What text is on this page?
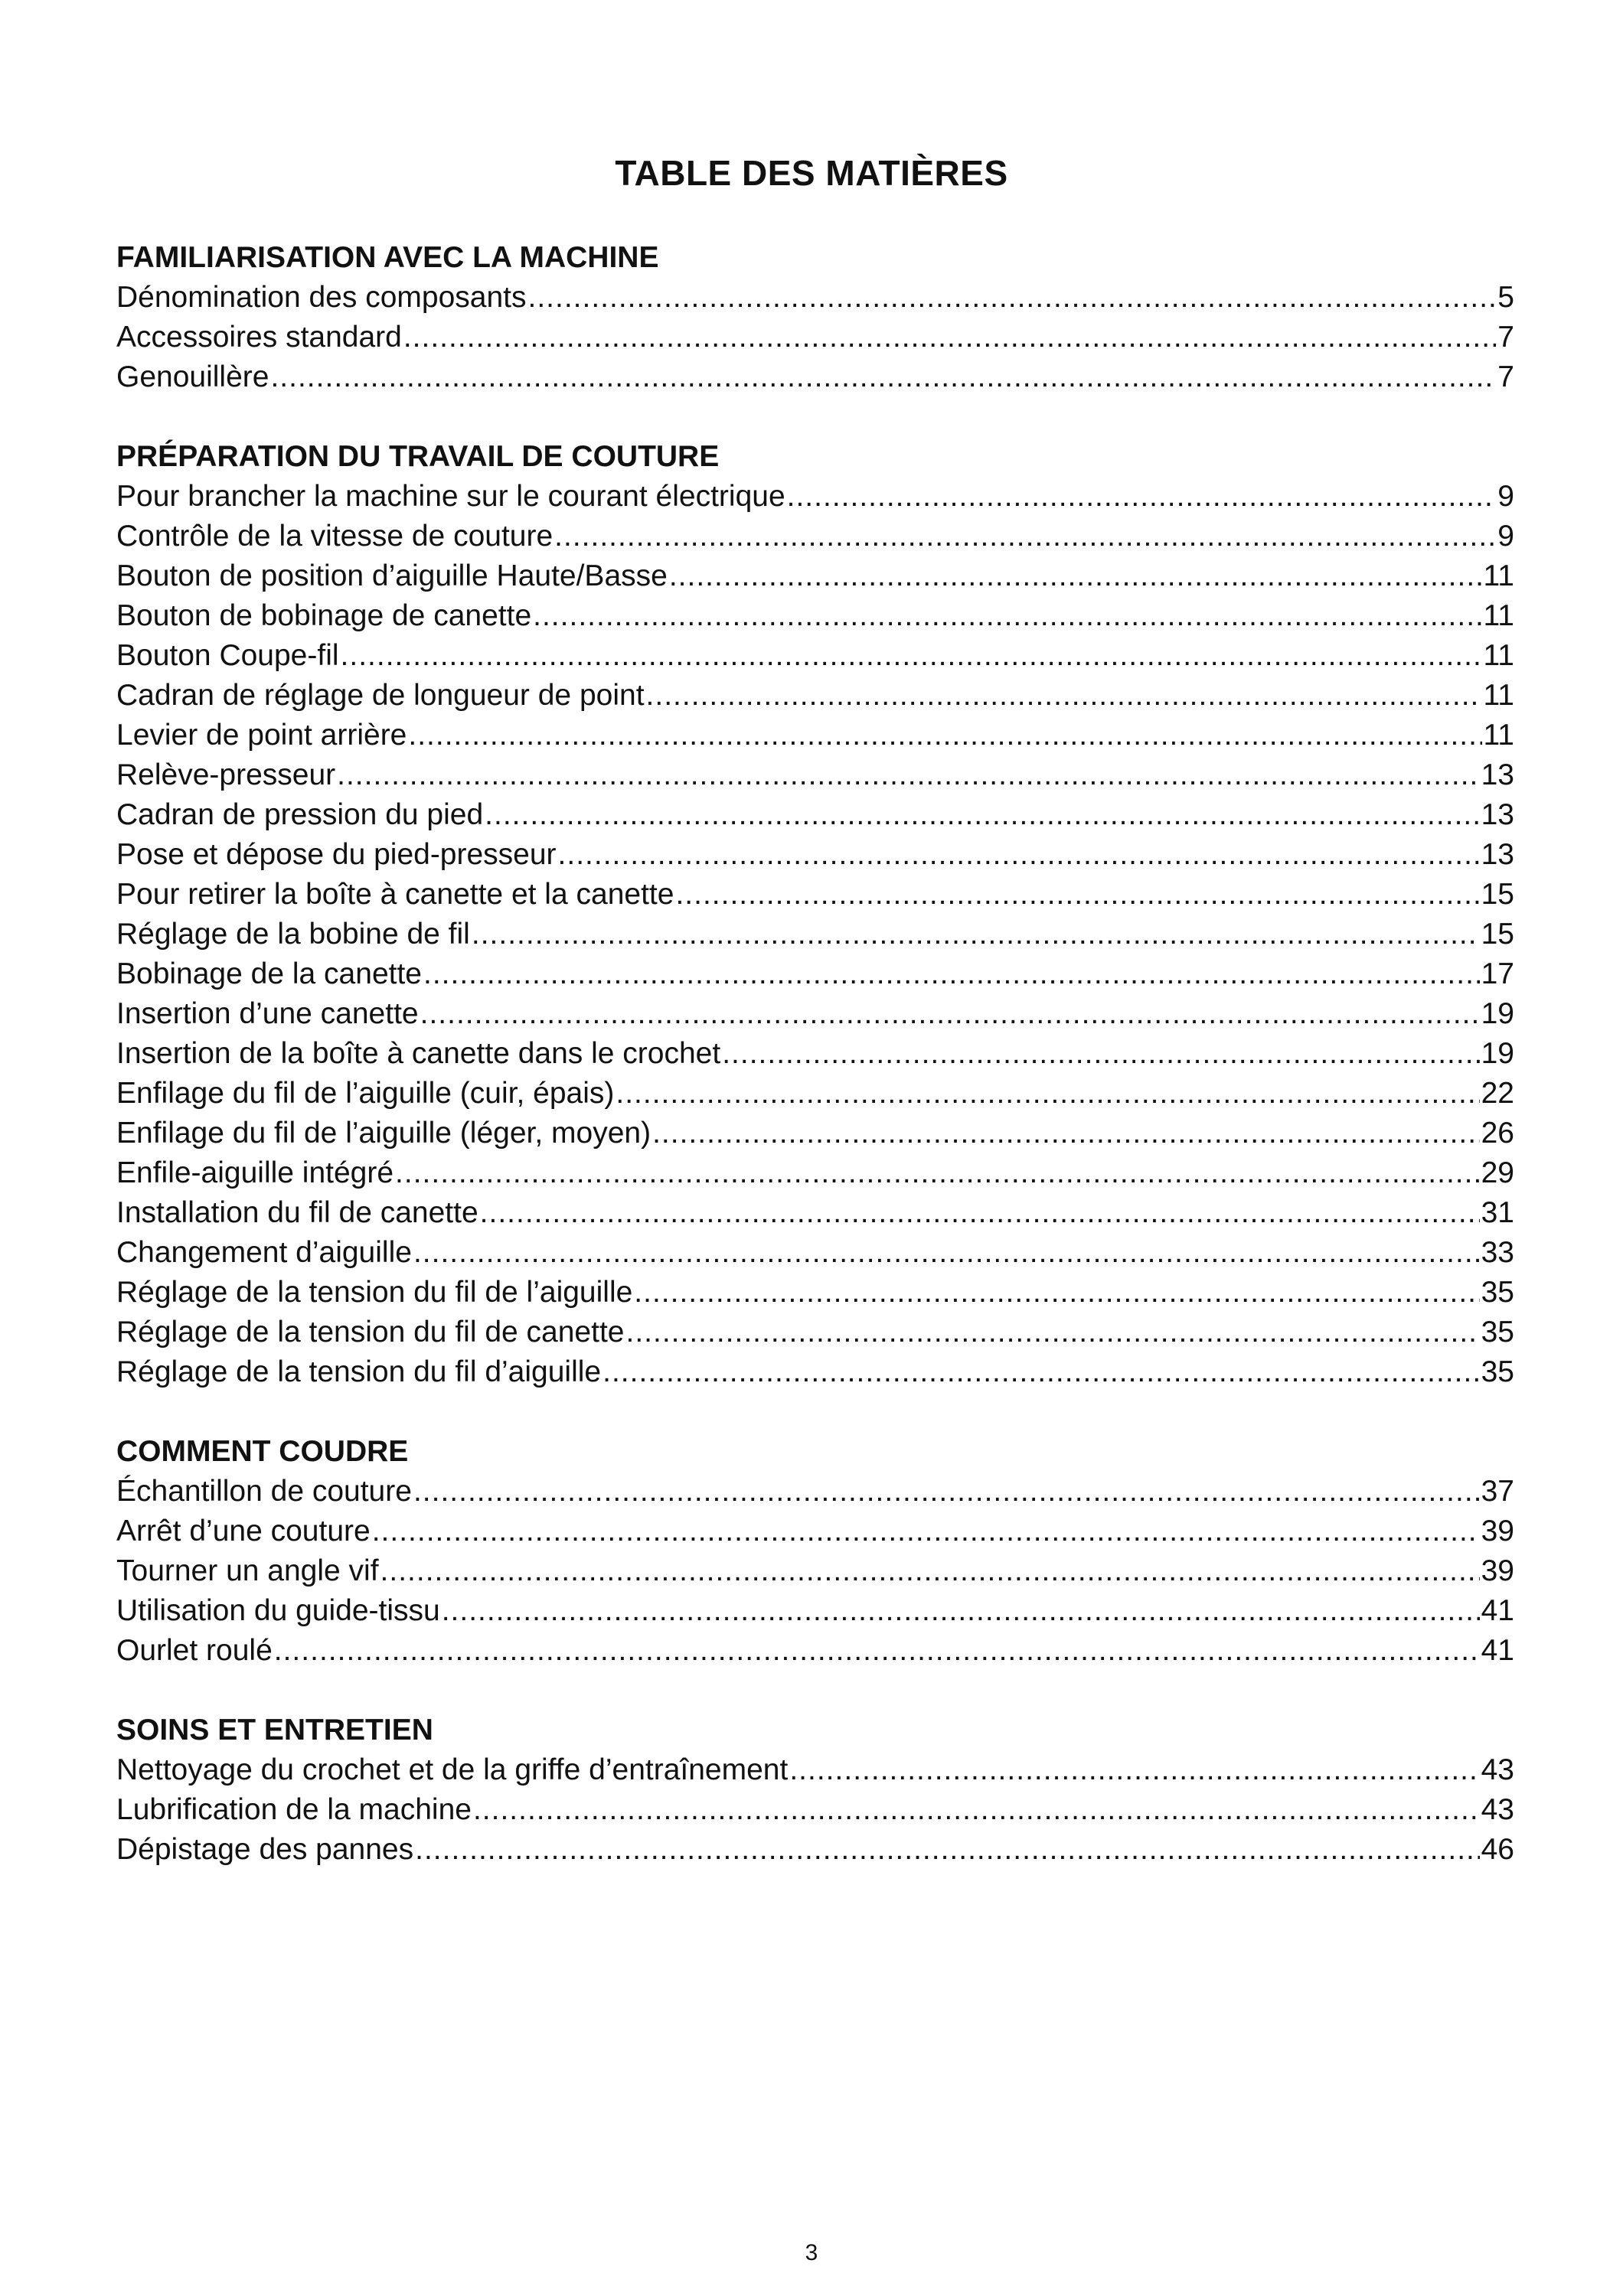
TABLE DES MATIÈRES
FAMILIARISATION AVEC LA MACHINE
Dénomination des composants .....	5
Accessoires standard .....	7
Genouillère .....	7
PRÉPARATION DU TRAVAIL DE COUTURE
Pour brancher la machine sur le courant électrique .....	9
Contrôle de la vitesse de couture .....	9
Bouton de position d’aiguille Haute/Basse .....	11
Bouton de bobinage de canette .....	11
Bouton Coupe-fil .....	11
Cadran de réglage de longueur de point .....	11
Levier de point arrière .....	11
Relève-presseur .....	13
Cadran de pression du pied .....	13
Pose et dépose du pied-presseur .....	13
Pour retirer la boîte à canette et la canette .....	15
Réglage de la bobine de fil .....	15
Bobinage de la canette .....	17
Insertion d’une canette .....	19
Insertion de la boîte à canette dans le crochet .....	19
Enfilage du fil de l’aiguille (cuir, épais) .....	22
Enfilage du fil de l’aiguille (léger, moyen) .....	26
Enfile-aiguille intégré .....	29
Installation du fil de canette .....	31
Changement d’aiguille .....	33
Réglage de la tension du fil de l’aiguille .....	35
Réglage de la tension du fil de canette .....	35
Réglage de la tension du fil d’aiguille .....	35
COMMENT COUDRE
Échantillon de couture .....	37
Arrêt d’une couture .....	39
Tourner un angle vif .....	39
Utilisation du guide-tissu .....	41
Ourlet roulé .....	41
SOINS ET ENTRETIEN
Nettoyage du crochet et de la griffe d’entraînement .....	43
Lubrification de la machine .....	43
Dépistage des pannes .....	46
3
